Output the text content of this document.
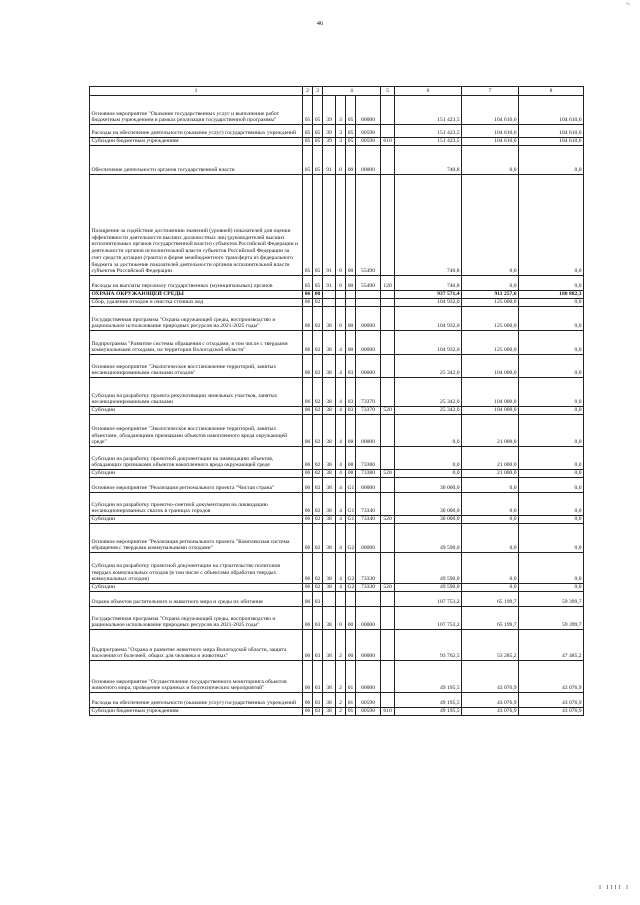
46
ч.
1	2	3	4				5	6	7	8
Основное мероприятие "Оказание государственных услуг и выполнение работ бюджетным учреждением в рамках реализации государственной программы"	05	05	39	3	05	00000		151 423,5	104 610,6	104 610,6
Расходы на обеспечение деятельности (оказание услуг) государственных учреждений	05	05	39	3	05	00590		151 423,5	104 610,6	104 610,6
Субсидии бюджетным учреждениям	05	05	39	3	05	00590	610	151 423,5	104 610,6	104 610,6
Обеспечение деятельности органов государственной власти	05	05	91	0	00	00000		740,8	0,0	0,0
Поощрение за содействие достижению значений (уровней) показателей для оценки эффективности деятельности высших должностных лиц (руководителей высших исполнительных органов государственной власти) субъектов Российской Федерации и деятельности органов исполнительной власти субъектов Российской Федерации за счет средств дотации (гранта) в форме межбюджетного трансферта из федерального бюджета за достижение показателей деятельности органов исполнительной власти субъектов Российской Федерации	05	05	91	0	00	55490		740,8	0,0	0,0
Расходы на выплаты персоналу государственных (муниципальных) органов	05	05	91	0	00	55490	120	740,8	0,0	0,0
ОХРАНА ОКРУЖАЮЩЕЙ СРЕДЫ	06	00						937 571,4	911 257,6	180 882,3
Сбор, удаление отходов и очистка сточных вод	06	02						104 932,0	125 000,0	0,0
Государственная программа "Охрана окружающей среды, воспроизводство и рациональное использование природных ресурсов на 2021-2025 годы"	06	02	38	0	00	00000		104 932,0	125 000,0	0,0
Подпрограмма "Развитие системы обращения с отходами, в том числе с твердыми коммунальными отходами, на территории Вологодской области"	06	02	38	4	00	00000		104 932,0	125 000,0	0,0
Основное мероприятие "Экологическое восстановление территорий, занятых несанкционированными свалками отходов"	06	02	38	4	03	00000		25 342,0	104 000,0	0,0
Субсидии на разработку проекта рекультивации земельных участков, занятых несанкционированными свалками	06	02	38	4	03	73370		25 342,0	104 000,0	0,0
Субсидии	06	02	38	4	03	73370	520	25 342,0	104 000,0	0,0
Основное мероприятие "Экологическое восстановление территорий, занятых объектами, обладающими признаками объектов накопленного вреда окружающей среде"	06	02	38	4	08	00000		0,0	21 000,0	0,0
Субсидии на разработку проектной документации на ликвидацию объектов, обладающих признаками объектов накопленного вреда окружающей среде	06	02	38	4	08	73380		0,0	21 000,0	0,0
Субсидии	06	02	38	4	08	73380	520	0,0	21 000,0	0,0
Основное мероприятие "Реализация регионального проекта "Чистая страна"	06	02	38	4	G1	00000		30 000,0	0,0	0,0
Субсидии на разработку проектно-сметной документации на ликвидацию несанкционированных свалок в границах городов	06	02	38	4	G1	73340		30 000,0	0,0	0,0
Субсидии	06	02	38	4	G1	73340	520	30 000,0	0,0	0,0
Основное мероприятие "Реализация регионального проекта "Комплексная система обращения с твердыми коммунальными отходами"	06	02	38	4	G2	00000		49 590,0	0,0	0,0
Субсидии на разработку проектной документации на строительство полигонов твердых коммунальных отходов (в том числе с объектами обработки твердых коммунальных отходов)	06	02	38	4	G2	73330		49 590,0	0,0	0,0
Субсидии	06	02	38	4	G2	73330	520	49 590,0	0,0	0,0
Охрана объектов растительного и животного мира и среды их обитания	06	03						107 753,2	65 199,7	59 399,7
Государственная программа "Охрана окружающей среды, воспроизводство и рациональное использование природных ресурсов на 2021-2025 годы"	06	03	38	0	00	00000		107 753,2	65 199,7	59 399,7
Подпрограмма "Охрана и развитие животного мира Вологодской области, защита населения от болезней, общих для человека и животных"	06	03	38	2	00	00000		93 762,5	53 285,2	47 485,2
Основное мероприятие "Осуществление государственного мониторинга объектов животного мира, проведение охранных и биотехнических мероприятий"	06	03	38	2	01	00000		49 195,5	43 076,9	43 076,9
Расходы на обеспечение деятельности (оказание услуг) государственных учреждений	06	03	38	2	01	00590		49 195,5	43 076,9	43 076,9
Субсидии бюджетным учреждениям	06	03	38	2	01	00590	610	49 195,5	43 076,9	43 076,9
I IIII I
